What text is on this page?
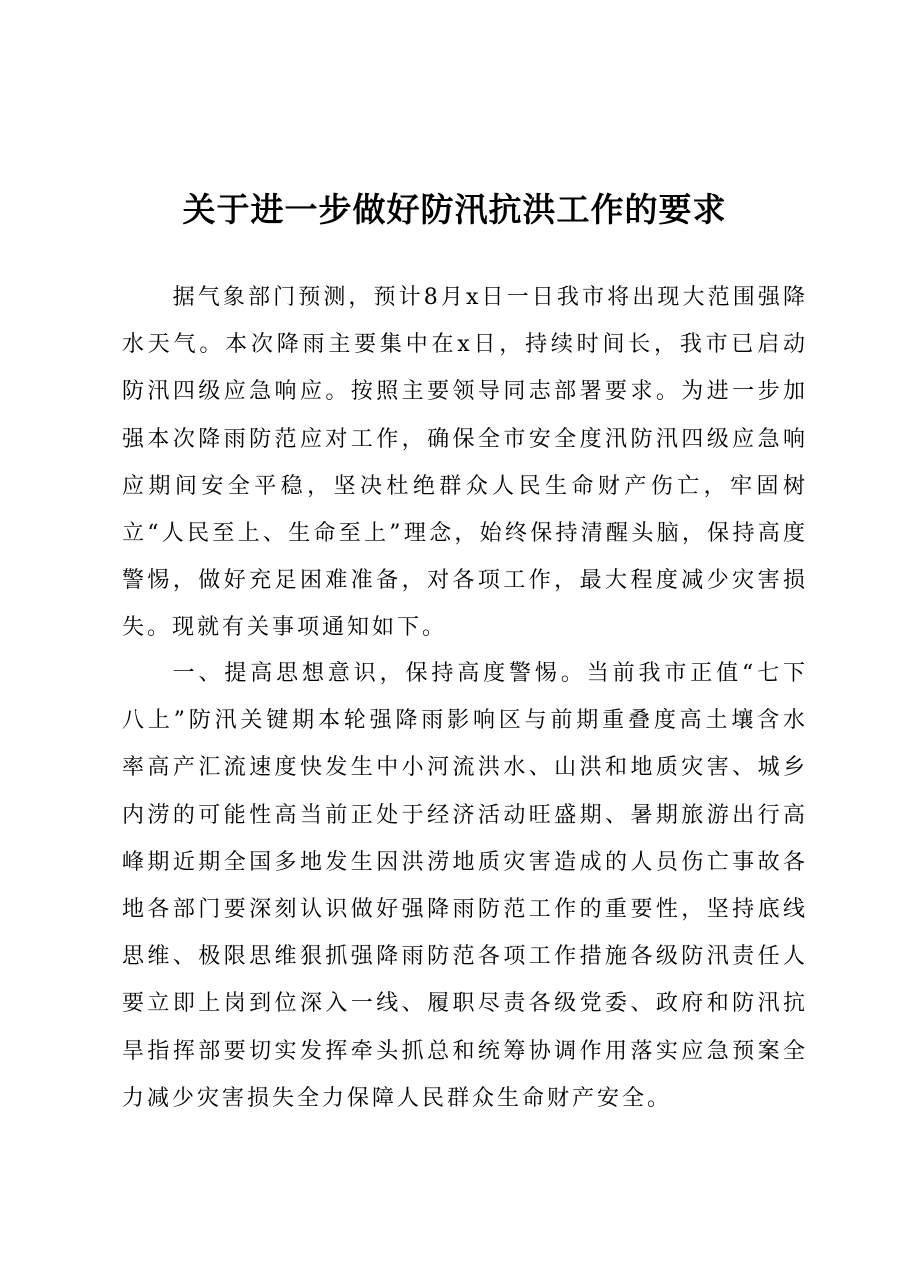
关于进一步做好防汛抗洪工作的要求

据气象部门预测，预计8月x日一日我市将出现大范围强降水天气。本次降雨主要集中在x日，持续时间长，我市已启动防汛四级应急响应。按照主要领导同志部署要求。为进一步加强本次降雨防范应对工作，确保全市安全度汛防汛四级应急响应期间安全平稳，坚决杜绝群众人民生命财产伤亡，牢固树立“人民至上、生命至上”理念，始终保持清醒头脑，保持高度警惕，做好充足困难准备，对各项工作，最大程度减少灾害损失。现就有关事项通知如下。

一、提高思想意识，保持高度警惕。当前我市正值“七下八上”防汛关键期本轮强降雨影响区与前期重叠度高土壤含水率高产汇流速度快发生中小河流洪水、山洪和地质灾害、城乡内涝的可能性高当前正处于经济活动旺盛期、暑期旅游出行高峰期近期全国多地发生因洪涝地质灾害造成的人员伤亡事故各地各部门要深刻认识做好强降雨防范工作的重要性，坚持底线思维、极限思维狠抓强降雨防范各项工作措施各级防汛责任人要立即上岗到位深入一线、履职尽责各级党委、政府和防汛抗旱指挥部要切实发挥牵头抓总和统筹协调作用落实应急预案全力减少灾害损失全力保障人民群众生命财产安全。
